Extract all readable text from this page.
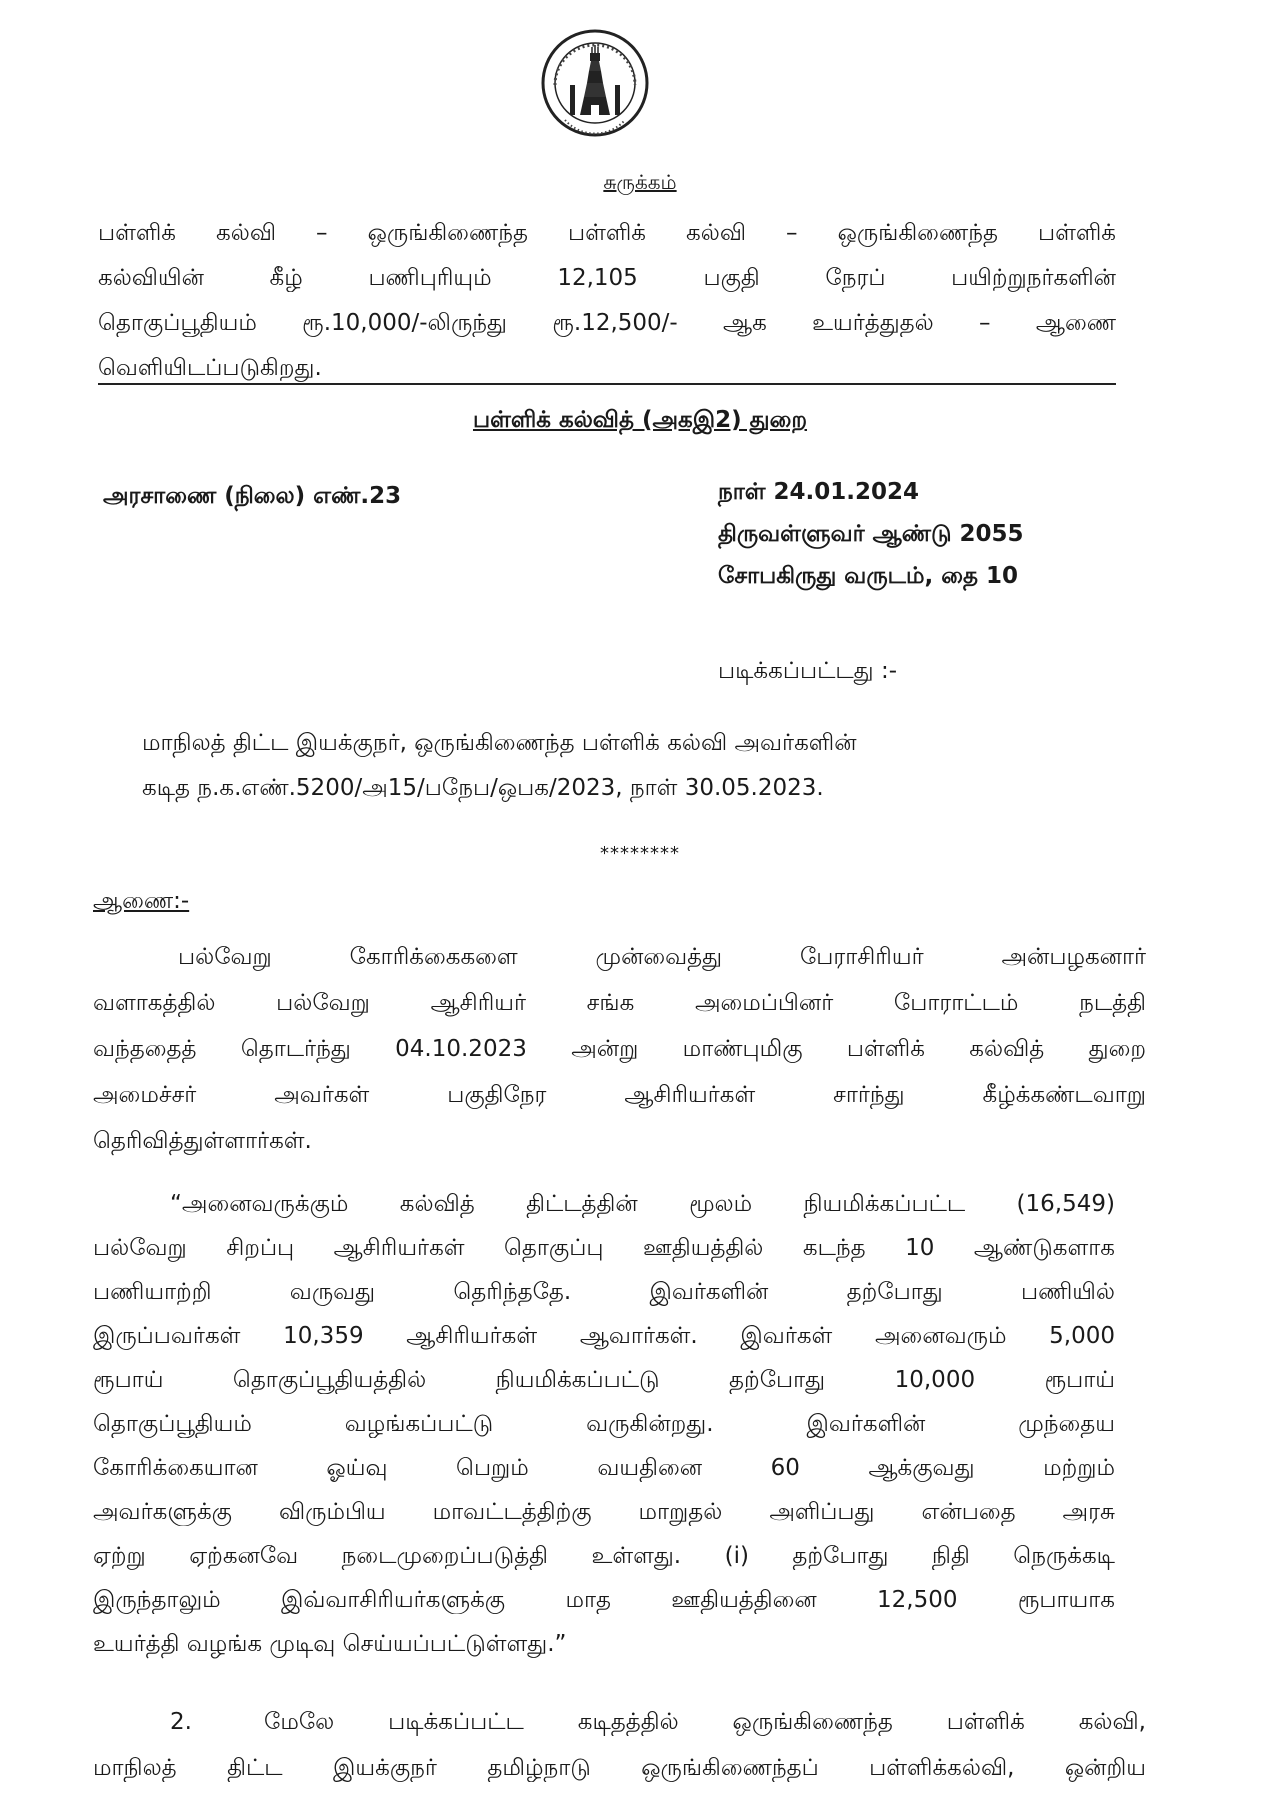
சுருக்கம்
பள்ளிக் கல்வி – ஒருங்கிணைந்த பள்ளிக் கல்வி – ஒருங்கிணைந்த பள்ளிக்
கல்வியின் கீழ் பணிபுரியும் 12,105 பகுதி நேரப் பயிற்றுநர்களின்
தொகுப்பூதியம் ரூ.10,000/-லிருந்து ரூ.12,500/- ஆக உயர்த்துதல் – ஆணை
வெளியிடப்படுகிறது.
பள்ளிக் கல்வித் (அகஇ2) துறை
அரசாணை (நிலை) எண்.23	நாள் 24.01.2024
திருவள்ளுவர் ஆண்டு 2055
சோபகிருது வருடம், தை 10
படிக்கப்பட்டது :-
மாநிலத் திட்ட இயக்குநர், ஒருங்கிணைந்த பள்ளிக் கல்வி அவர்களின்
கடித ந.க.எண்.5200/அ15/பநேப/ஒபக/2023, நாள் 30.05.2023.
********
ஆணை:-
பல்வேறு கோரிக்கைகளை முன்வைத்து பேராசிரியர் அன்பழகனார்
வளாகத்தில் பல்வேறு ஆசிரியர் சங்க அமைப்பினர் போராட்டம் நடத்தி
வந்ததைத் தொடர்ந்து 04.10.2023 அன்று மாண்புமிகு பள்ளிக் கல்வித் துறை
அமைச்சர் அவர்கள் பகுதிநேர ஆசிரியர்கள் சார்ந்து கீழ்க்கண்டவாறு
தெரிவித்துள்ளார்கள்.
“அனைவருக்கும் கல்வித் திட்டத்தின் மூலம் நியமிக்கப்பட்ட (16,549)
பல்வேறு சிறப்பு ஆசிரியர்கள் தொகுப்பு ஊதியத்தில் கடந்த 10 ஆண்டுகளாக
பணியாற்றி வருவது தெரிந்ததே. இவர்களின் தற்போது பணியில்
இருப்பவர்கள் 10,359 ஆசிரியர்கள் ஆவார்கள். இவர்கள் அனைவரும் 5,000
ரூபாய் தொகுப்பூதியத்தில் நியமிக்கப்பட்டு தற்போது 10,000 ரூபாய்
தொகுப்பூதியம் வழங்கப்பட்டு வருகின்றது. இவர்களின் முந்தைய
கோரிக்கையான ஓய்வு பெறும் வயதினை 60 ஆக்குவது மற்றும்
அவர்களுக்கு விரும்பிய மாவட்டத்திற்கு மாறுதல் அளிப்பது என்பதை அரசு
ஏற்று ஏற்கனவே நடைமுறைப்படுத்தி உள்ளது. (i) தற்போது நிதி நெருக்கடி
இருந்தாலும் இவ்வாசிரியர்களுக்கு மாத ஊதியத்தினை 12,500 ரூபாயாக
உயர்த்தி வழங்க முடிவு செய்யப்பட்டுள்ளது.”
2.	மேலே படிக்கப்பட்ட கடிதத்தில் ஒருங்கிணைந்த பள்ளிக் கல்வி,
மாநிலத் திட்ட இயக்குநர் தமிழ்நாடு ஒருங்கிணைந்தப் பள்ளிக்கல்வி, ஒன்றிய
